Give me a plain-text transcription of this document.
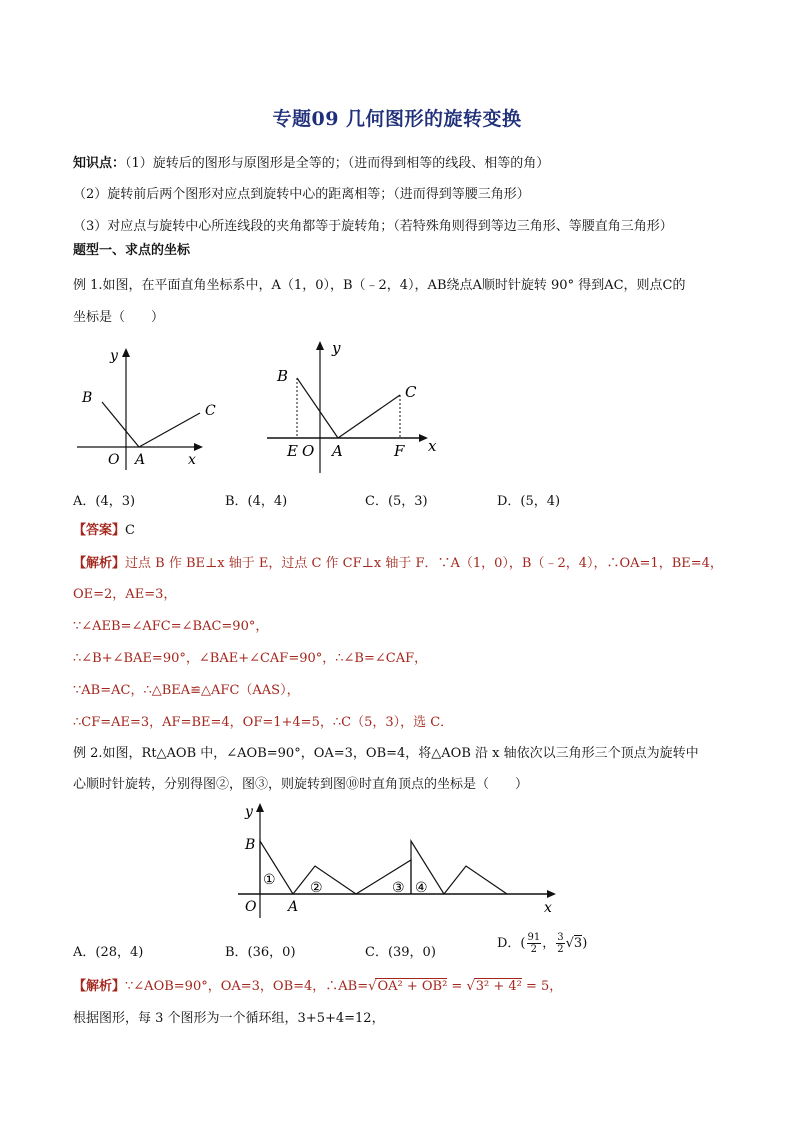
专题09 几何图形的旋转变换
知识点：（1）旋转后的图形与原图形是全等的；（进而得到相等的线段、相等的角）
（2）旋转前后两个图形对应点到旋转中心的距离相等；（进而得到等腰三角形）
（3）对应点与旋转中心所连线段的夹角都等于旋转角；（若特殊角则得到等边三角形、等腰直角三角形）
题型一、求点的坐标
例 1.如图，在平面直角坐标系中，A（1，0），B（﹣2，4），AB绕点A顺时针旋转 90° 得到AC，则点C的
坐标是（　　）
y
B
C
O A	x
y
B
C
E O A	F x
A．(4，3)	B．(4，4)	C．(5，3)	D．(5，4)
【答案】C
【解析】过点 B 作 BE⊥x 轴于 E，过点 C 作 CF⊥x 轴于 F．∵A（1，0），B（﹣2，4），∴OA=1，BE=4，
OE=2，AE=3，
∵∠AEB=∠AFC=∠BAC=90°，
∴∠B+∠BAE=90°，∠BAE+∠CAF=90°，∴∠B=∠CAF，
∵AB=AC，∴△BEA≌△AFC（AAS），
∴CF=AE=3，AF=BE=4，OF=1+4=5，∴C（5，3），选 C．
例 2.如图，Rt△AOB 中，∠AOB=90°，OA=3，OB=4，将△AOB 沿 x 轴依次以三角形三个顶点为旋转中
心顺时针旋转，分别得图②，图③，则旋转到图⑩时直角顶点的坐标是（　　）
y
B
O A	x
① ②	③ ④
A．(28，4)	B．(36，0)	C．(39，0)
D．( $\frac{91}{2}$ ， $\frac{3}{2} √3$)
【解析】∵∠AOB=90°，OA=3，OB=4，∴AB=√OA² + OB² = √3² + 4² = 5，
根据图形，每 3 个图形为一个循环组，3+5+4=12，
